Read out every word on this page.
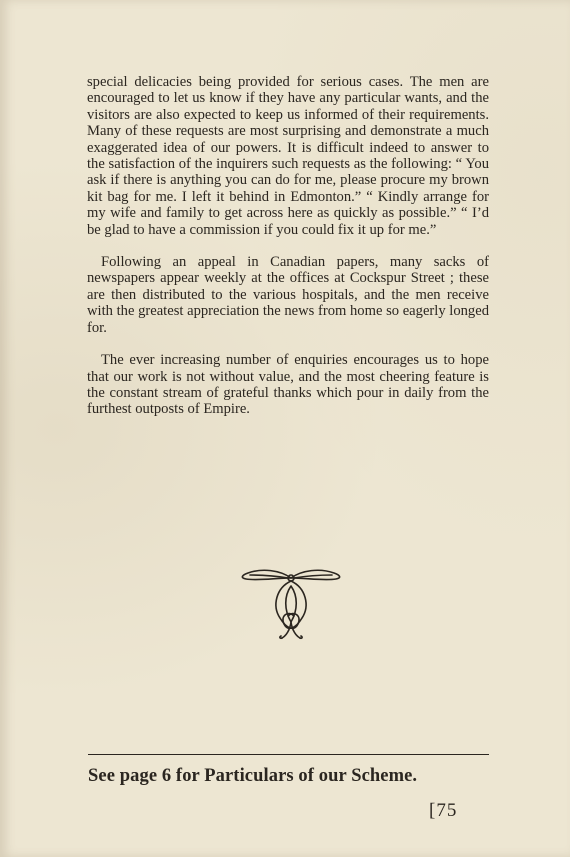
special delicacies being provided for serious cases. The men are encouraged to let us know if they have any particular wants, and the visitors are also expected to keep us informed of their requirements. Many of these requests are most surprising and demonstrate a much exaggerated idea of our powers. It is difficult indeed to answer to the satisfaction of the inquirers such requests as the following: “ You ask if there is anything you can do for me, please procure my brown kit bag for me. I left it behind in Edmonton.” “ Kindly arrange for my wife and family to get across here as quickly as possible.” “ I’d be glad to have a commission if you could fix it up for me.”

Following an appeal in Canadian papers, many sacks of newspapers appear weekly at the offices at Cockspur Street ; these are then distributed to the various hospitals, and the men receive with the greatest appreciation the news from home so eagerly longed for.

The ever increasing number of enquiries encourages us to hope that our work is not without value, and the most cheering feature is the constant stream of grateful thanks which pour in daily from the furthest outposts of Empire.

See page 6 for Particulars of our Scheme.
[75
